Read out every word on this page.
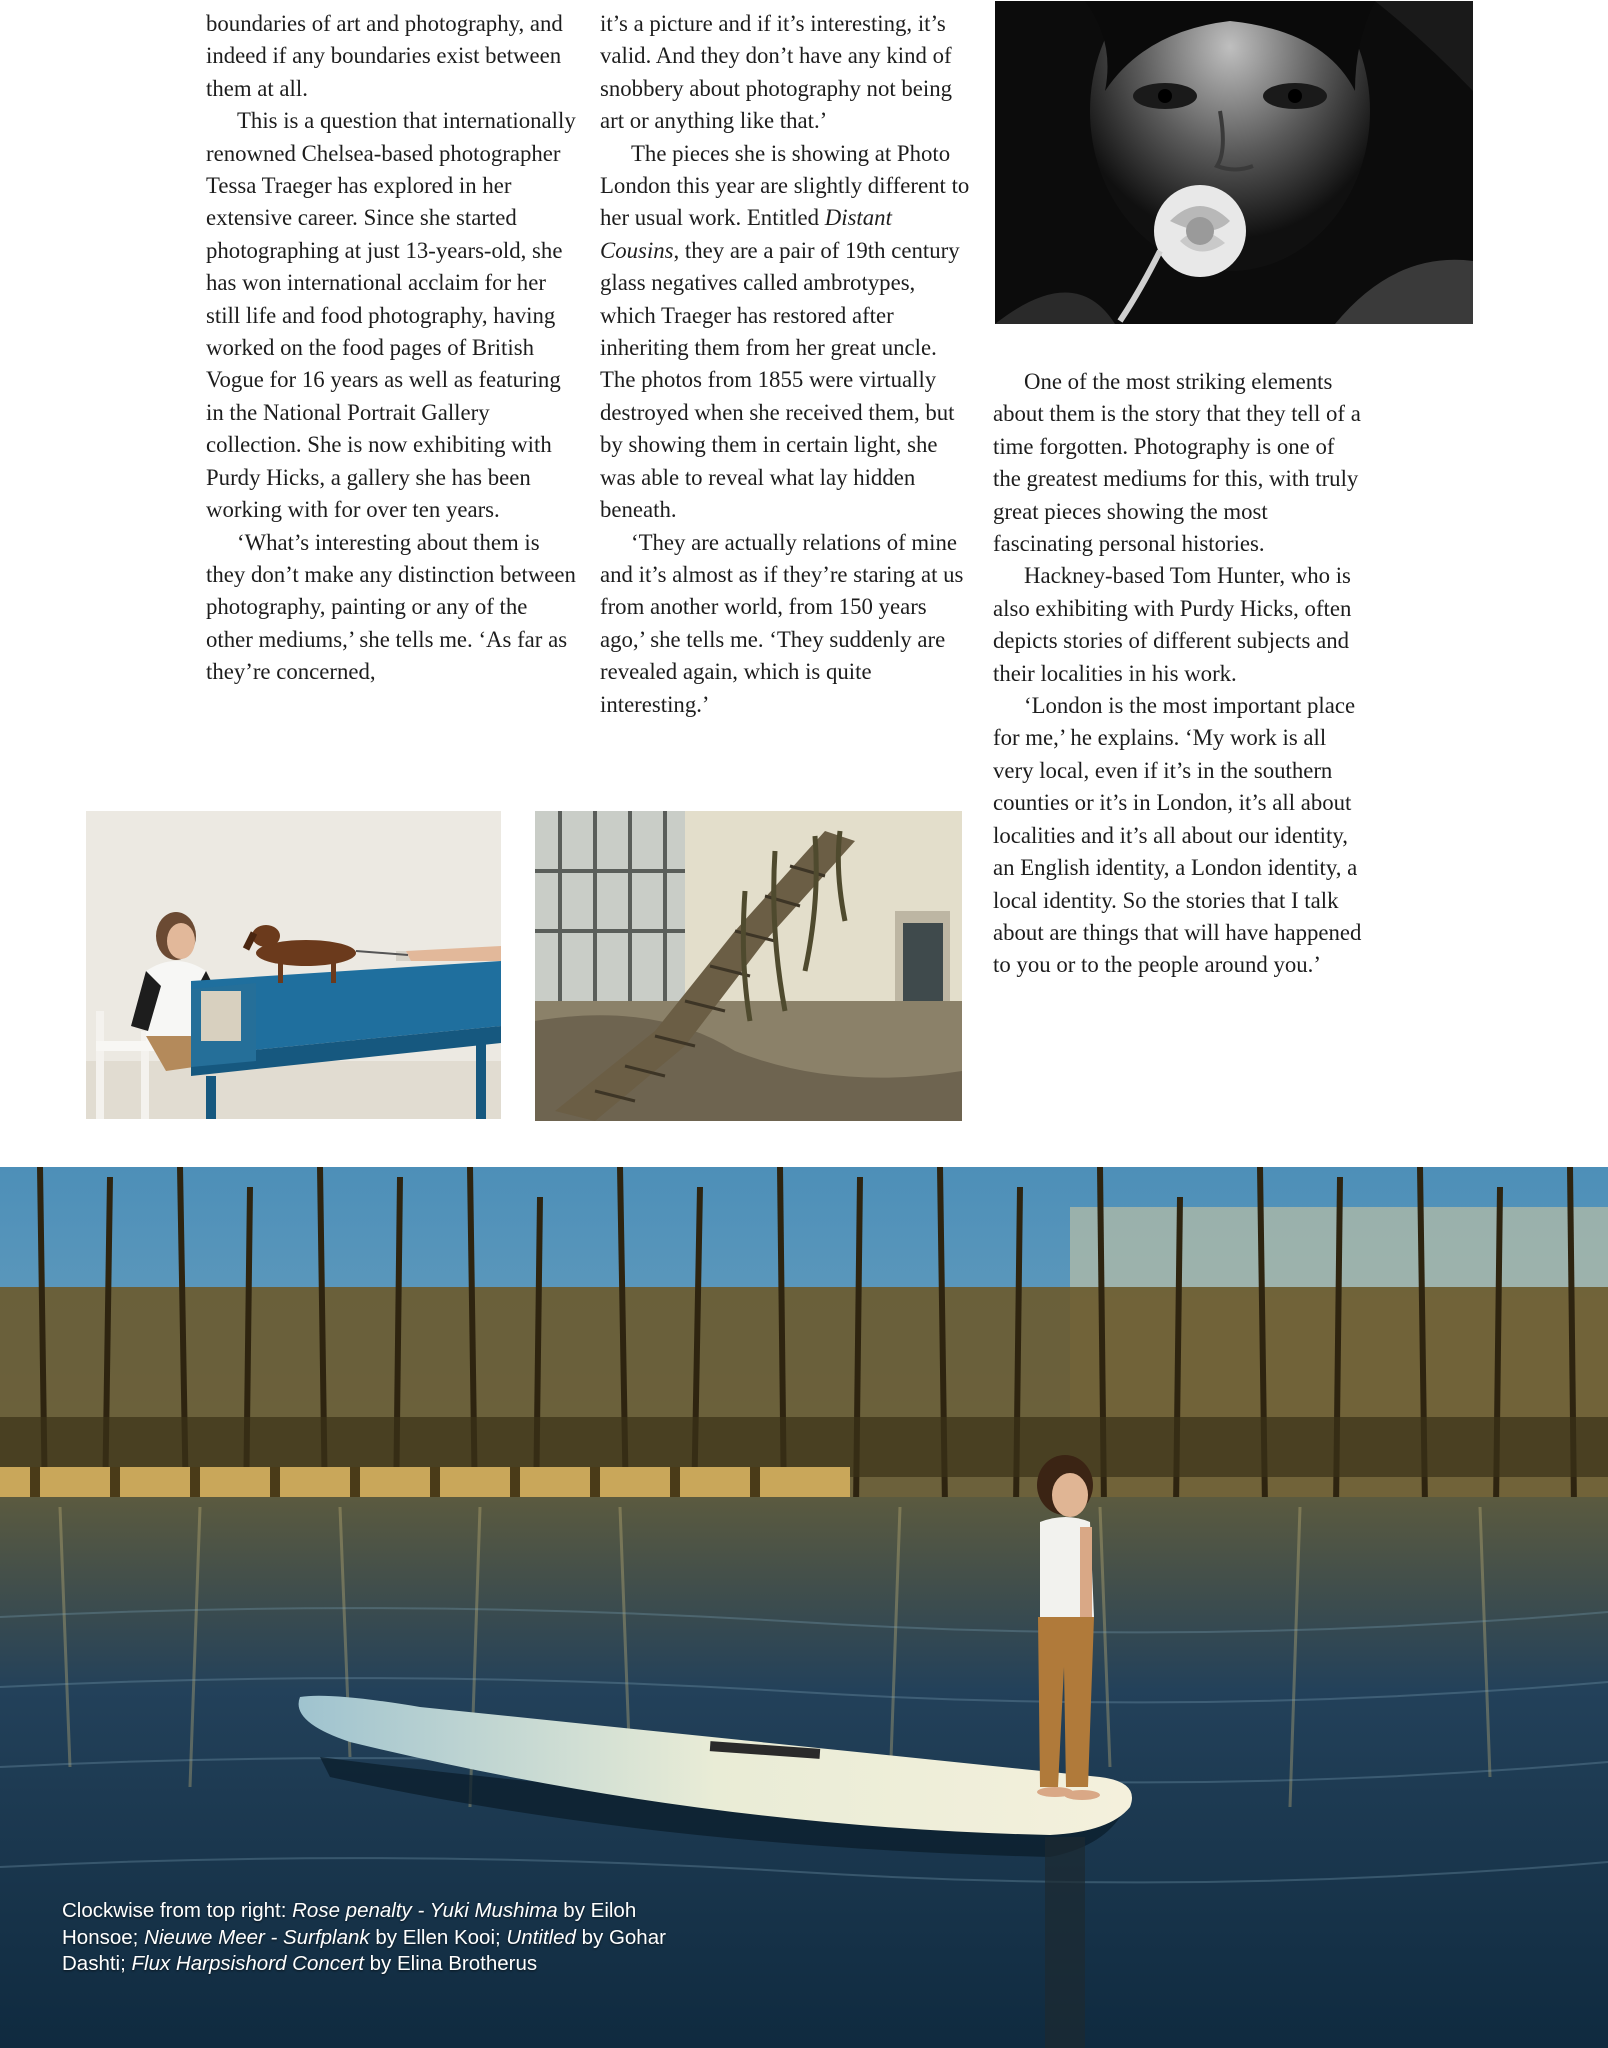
boundaries of art and photography, and indeed if any boundaries exist between them at all.

This is a question that internationally renowned Chelsea-based photographer Tessa Traeger has explored in her extensive career. Since she started photographing at just 13-years-old, she has won international acclaim for her still life and food photography, having worked on the food pages of British Vogue for 16 years as well as featuring in the National Portrait Gallery collection. She is now exhibiting with Purdy Hicks, a gallery she has been working with for over ten years.

‘What’s interesting about them is they don’t make any distinction between photography, painting or any of the other mediums,’ she tells me. ‘As far as they’re concerned,

it’s a picture and if it’s interesting, it’s valid. And they don’t have any kind of snobbery about photography not being art or anything like that.’

The pieces she is showing at Photo London this year are slightly different to her usual work. Entitled Distant Cousins, they are a pair of 19th century glass negatives called ambrotypes, which Traeger has restored after inheriting them from her great uncle. The photos from 1855 were virtually destroyed when she received them, but by showing them in certain light, she was able to reveal what lay hidden beneath.

‘They are actually relations of mine and it’s almost as if they’re staring at us from another world, from 150 years ago,’ she tells me. ‘They suddenly are revealed again, which is quite interesting.’

One of the most striking elements about them is the story that they tell of a time forgotten. Photography is one of the greatest mediums for this, with truly great pieces showing the most fascinating personal histories.

Hackney-based Tom Hunter, who is also exhibiting with Purdy Hicks, often depicts stories of different subjects and their localities in his work.

‘London is the most important place for me,’ he explains. ‘My work is all very local, even if it’s in the southern counties or it’s in London, it’s all about localities and it’s all about our identity, an English identity, a London identity, a local identity. So the stories that I talk about are things that will have happened to you or to the people around you.’

Clockwise from top right: Rose penalty - Yuki Mushima by Eiloh Honsoe; Nieuwe Meer - Surfplank by Ellen Kooi; Untitled by Gohar Dashti; Flux Harpsishord Concert by Elina Brotherus
